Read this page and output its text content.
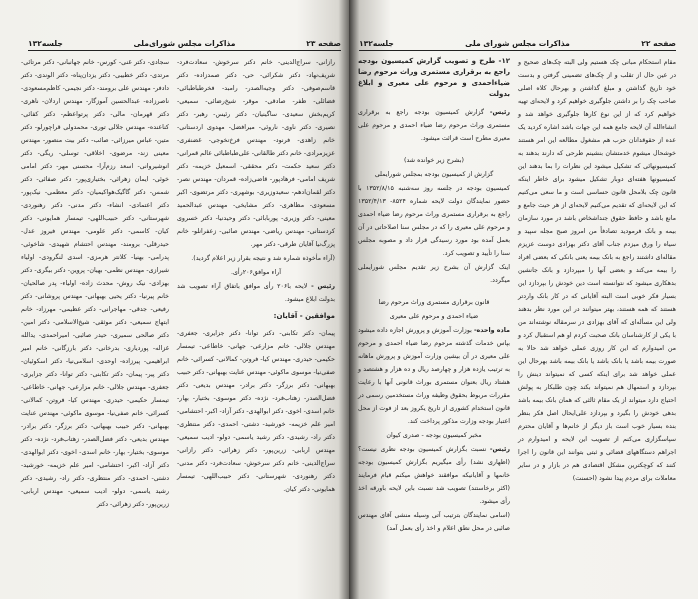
صفحه ۲۳
مذاکرات مجلس شورای‌ملی
جلسه۱۳۲

رازانی- سراج‌الدینی- خانم دکتر سرخوش- سعادت‌فرد- شریف‌نهاد- دکتر شکرائی- حی- دکتر صمدزاده- دکتر قاسم‌صوفی- دکتر وجیه‌الصدر- رامبد- فخرطباطبائی- فضائلی- ظفر- صادقی- موقر- شیخ‌رضائی- سمیعی- کریم‌بخش سعیدی- ساگینیان- دکتر رئیس- رهبر- دکتر نصیری- دکتر ناوی- ناروئی- میرافضل- مهدوی اردستانی- خانم زاهدی- فرنود- مهندس فرخ‌نخوجی- غضنفری- عزیزمرادی- خانم دکتر طالقانی- علی‌طباطبائی عالم قمرانی- دکتر سعید حکمت- دکتر محققی- اسمعیل خزیمه- دکتر شریف امامی- فرهادپور- قاضی‌زاده- قمردان- مهندس نصر- دکتر لقمان‌ادهم- سعیدوزیری- بوشهری- دکتر مرتضوی- اکبر مسعودی- مظاهری- دکتر مشایخی- مهندس عبدالحمید معینی- دکتر وزیری- پوربابائی- دکتر وحیدنیا- دکتر خسروی کردستانی- مهندس ریاضی- مهندس صائبی- زعفرانلو- خانم پزرگ‌نیا آقایان طرقی- دکتر مهر.

(آراء مأخوذه شماره شد و نتیجه بقرار زیر اعلام گردید).

آراء موافق۲۰۶رأی.

رئیس - لایحه با۲۰۶ رأی موافق باتفاق آراء تصویب شد بدولت ابلاغ میشود.

موافقین - آقایان:

پیمان- دکتر تکابنی- دکتر توانا- دکتر جزایری- جعفری- مهندس جلالی- خانم مزارعی- جهانی- خاطاعی- تیمسار حکیمی- حیدری- مهندس کیا- فروتن- کمالانی- کسرائی- خانم صفی‌نیا- موسوی ماکوئی- مهندس عنایت بهبهانی- دکتر حبیب بهبهانی- دکتر برزگر- دکتر برادر- مهندس بدیعی- دکتر فضل‌الصدر- زهتاب‌فرد- نژده- دکتر موسوی- بختیار- بهار- خانم اسدی- اخوی- دکتر ابوالهدی- دکتر آزاد- اکبر- احتشامی- امیر علم خزیمه- خورشید- دشتی- احمدی- دکتر منتظری- دکتر راد- رشیدی- دکتر رشید یاسمی- دولو- ادیب سمیعی- مهندس اربابی- زرین‌پور- دکتر زهرائی- دکتر رازانی- سراج‌الدینی- خانم دکتر سرخوش- سعادت‌فرد- دکتر مدنی- دکتر رهنوردی- شهرستانی- دکتر حبیب‌اللهی- تیمسار همایونی- دکتر کیان.

سجادی- دکتر غنی- کورس- خانم جهانبانی- دکتر مرتائی- مرتدی- دکتر خطیبی- دکتر یزدان‌پناه- دکتر الوندی- دکتر دادفر- مهندس علی برومند- دکتر نجیمی- کاظم‌مسعودی- ناصرزاده- عبدالحسین آموزگار- مهندس اردلان- ناهری- دکتر قهرمان- مالی- دکتر پرتواعظم- دکتر کفائی- کناعنده- مهندس جلالی توری- محمدولی قراچورلو- دکتر متین- عباس میرزائی- صائب- دکتر بیت منصور- مهندس معینی زند- مرضوی- اخلاقی- توسلی- ریگی- دکتر انوشیروانی- اسعد رزم‌آرا- محسنی مهر- دکتر امامی خوئی- ایمان زهرائی- بختیاری‌پور- دکتر صفائی- دکتر شمس- دکتر گاگیک‌هواکیمیان- دکتر معظمی- نیک‌پور- دکتر اعتمادی- انشاء- دکتر مدنی- دکتر رهنوردی- شهرستانی- دکتر حبیب‌اللهی- تیمسار همایونی- دکتر کیان- کاسمی- دکتر علومی- مهندس فیروز عدل- حیدرقلی- برومند- مهندس احتشام شهیدی- شاخوئی- پدرامی- بهنیا- کلانتر هرمزی- اسدی لنگرودی- اولیاء شیرازی- مهندس نظمی- بهیان- پروین- دکتر بیگری- دکتر بهزادی- نیک روش- محدث زاده- اولیاء- پدر صالحیان- خانم پیرنیا- دکتر یحیی بهبهانی- مهندس پروشانی- دکتر رفیعی- جدقی- مهاجرانی- دکتر عظیمی- مهرزاد- خانم ابتهاج سمیعی- دکتر موثقی- شیخ‌الاسلامی- دکتر امین- دکتر صالحی سمیری- حیدر صائبی- امیراحمدی- یدالله غزاله- پوردیاری- بدرخانی- دکتر بارزگانی- خانم امیر ابراهیمی- پیرزاده- اوحدی- اسلامی‌نیا- دکتر اسکوئیان- دکتر پیر- پیمان- دکتر تکابنی- دکتر توانا- دکتر جزایری- جعفری- مهندس جلالی- خانم مزارعی- جهانی- خاطاعی- تیمسار حکیمی- حیدری- مهندس کیا- فروتن- کمالانی- کسرائی- خانم صفی‌نیا- موسوی ماکوئی- مهندس عنایت بهبهانی- دکتر حبیب بهبهانی- دکتر برزگر- دکتر برادر- مهندس بدیعی- دکتر فضل‌الصدر- زهتاب‌فرد- نژده- دکتر موسوی- بختیار- بهار- خانم اسدی- اخوی- دکتر ابوالهدی- دکتر آزاد- اکبر- احتشامی- امیر علم خزیمه- خورشید- دشتی- احمدی- دکتر منتظری- دکتر راد- رشیدی- دکتر رشید یاسمی- دولو- ادیب سمیعی- مهندس اربابی- زرین‌پور- دکتر زهرائی- دکتر

صفحه ۲۲
مذاکرات مجلس شورای ملی
جلسه۱۳۲

مقام استحکام مبانی چک هستیم ولی البته چک‌های صحیح و در عین حال از تقلب و از چک‌های تضمینی گرفتن و بدست خود تاریخ گذاشتن و مبلغ گذاشتن و بهرحال کلاه اصلی صاحب چک را بر داشتن جلوگیری خواهیم کرد و لایحه‌ای تهیه خواهیم کرد که از این نوع کارها جلوگیری خواهد شد و انشاءالله آن لایحه جامع همه این جهات باشد اشاره کردید یک عده از حقوقدانان حزب هم مشغول مطالعه این امر هستند خوشحال میشوم خدمتشان بنشینم طرحی که دارند بدهند به کمیسیونهائی که تشکیل میشود این نظرات را بما بدهند این کمیسیونها هفته‌ای دوبار تشکیل میشود برای خاطر اینکه قانون چک بلامحل قانون حساسی است و ما سعی می‌کنیم که این لایحه‌ای که تقدیم می‌کنیم لایحه‌ای از هر حیث جامع و مانع باشد و حافظ حقوق جنداشخاص باشد در مورد سازمان بیمه و بانک فرمودید تصادفاً من امروز صبح مجله سپید و سیاه را ورق میزدم جناب آقای دکتر بهزادی دوست عزیزم مقاله‌ای داشتند راجع به بانک بیمه یعنی بانکی که بعضی افراد را بیمه می‌کند و بعضی آنها را میپردازد و بانک جانشین بدهکاری میشود که نتوانسته است دین خودش را بپردازد این بسیار فکر خوبی است البته آقایانی که در کار بانک واردتر هستند که همه هستند، بهتر میتوانند در این مورد نظر بدهند ولی این مسأله‌ای که آقای بهزادی در سرمقاله نوشته‌اند من با یکی از کارشناسان بانک صحبت کردم او هم استقبال کرد و من امیدوارم که این کار روزی عملی خواهد شد حالا به صورت بیمه باشد یا بانک باشد یا بانک بیمه باشد بهرحال این عملی خواهد شد برای اینکه کسی که نمیتواند دینش را بپردازد و استمهال هم نمیتواند بکند چون طلبکار به پولش احتیاج دارد میتواند از یک مقام ثالثی که همان بانک بیمه باشد بدهی خودش را بگیرد و بپردازد علی‌ایحال اصل فکر بنظر بنده بسیار خوب است باز دیگر از خانم‌ها و آقایان محترم سپاسگزاری می‌کنم از تصویب این لایحه و امیدوارم در اجراهم دستگاههای قضائی و ثبتی بتوانند این قانون را اجرا کنند که کوچکترین مشکل اقتصادی هم در بازار و در سایر معاملات برای مردم پیدا نشود (احسنت)

۱۲- طرح و تصویب گزارش کمیسیون بودجه راجع به برقراری مستمری وراث مرحوم رضا ضیاءاحمدی و مرحوم علی معیری و ابلاغ بدولت

رئیس- گزارش کمیسیون بودجه راجع به برقراری مستمری وراث مرحوم رضا ضیاء احمدی و مرحوم علی معیری مطرح است قرائت میشود.

(بشرح زیر خوانده شد)

گزارش از کمیسیون بودجه بمجلس شورایملی

کمیسیون بودجه در جلسه روز سه‌شنبه ۱۳۵۲/۸/۱۵ با حضور نمایندگان دولت لایحه شماره ۸۵۲۴- ۱۳۵۲/۴/۱۳ راجع به برقراری مستمری وراث مرحوم رضا ضیاء احمدی و مرحوم علی معیری را که در مجلس سنا اصلاحاتی در آن بعمل آمده بود مورد رسیدگی قرار داد و مصوبه مجلس سنا را تأیید و تصویب کرد.

اینک گزارش آن بشرح زیر تقدیم مجلس شورایملی میگردد.

قانون برقراری مستمری وراث مرحوم رضا

ضیاء احمدی و مرحوم علی معیری

ماده واحده- بوزارت آموزش و پرورش اجازه داده میشود بپاس خدمات گذشته مرحوم رضا ضیاء احمدی و مرحوم علی معیری در آن بیشین وزارت آموزش و پرورش ماهانه به ترتیب یازده هزار و چهارصد ریال و ده هزار و هشتصد و هشتاد ریال بعنوان مستمری بوراث قانونی آنها با رعایت مقررات مربوط بحقوق وظیفه وراث مستخدمین رسمی در قانون استخدام کشوری از تاریخ یکروز بعد از فوت از محل اعتبار بودجه وزارت مذکور پرداخت کند.

مخبر کمیسیون بودجه - صدری کیوان

رئیس- نسبت بگزارش کمیسیون بودجه نظری نیست؟ (اظهاری نشد) رأی میگیریم بگزارش کمیسیون بودجه خانمها و آقایانیکه موافقند خواهش میکنم قیام فرمایند (اکثر برخاستند) تصویب شد نسبت باین لایحه باورقه اخذ رأی میشود.

(اسامی نمایندگان بترتیب آتی وسیله منشی آقای مهندس صائبی در محل نطق اعلام و اخذ رأی بعمل آمد)
